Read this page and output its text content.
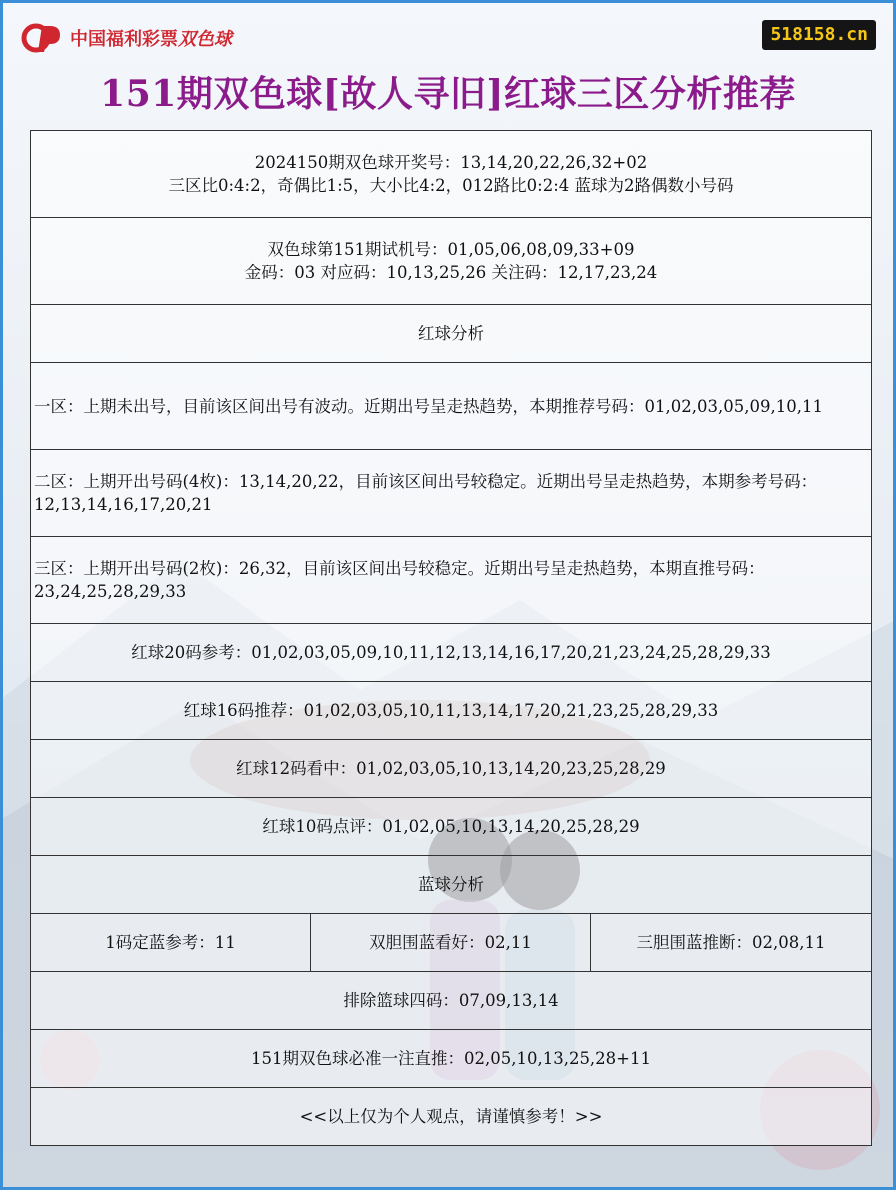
中国福利彩票双色球	518158.cn
151期双色球[故人寻旧]红球三区分析推荐
2024150期双色球开奖号：13,14,20,22,26,32+02
三区比0:4:2，奇偶比1:5，大小比4:2，012路比0:2:4 蓝球为2路偶数小号码

双色球第151期试机号：01,05,06,08,09,33+09
金码：03 对应码：10,13,25,26 关注码：12,17,23,24

红球分析
一区：上期未出号，目前该区间出号有波动。近期出号呈走热趋势，本期推荐号码：01,02,03,05,09,10,11
二区：上期开出号码(4枚)：13,14,20,22，目前该区间出号较稳定。近期出号呈走热趋势，本期参考号码：12,13,14,16,17,20,21
三区：上期开出号码(2枚)：26,32，目前该区间出号较稳定。近期出号呈走热趋势，本期直推号码：23,24,25,28,29,33
红球20码参考：01,02,03,05,09,10,11,12,13,14,16,17,20,21,23,24,25,28,29,33
红球16码推荐：01,02,03,05,10,11,13,14,17,20,21,23,25,28,29,33
红球12码看中：01,02,03,05,10,13,14,20,23,25,28,29
红球10码点评：01,02,05,10,13,14,20,25,28,29
蓝球分析
1码定蓝参考：11	双胆围蓝看好：02,11	三胆围蓝推断：02,08,11
排除篮球四码：07,09,13,14
151期双色球必准一注直推：02,05,10,13,25,28+11
<<以上仅为个人观点，请谨慎参考！>>
